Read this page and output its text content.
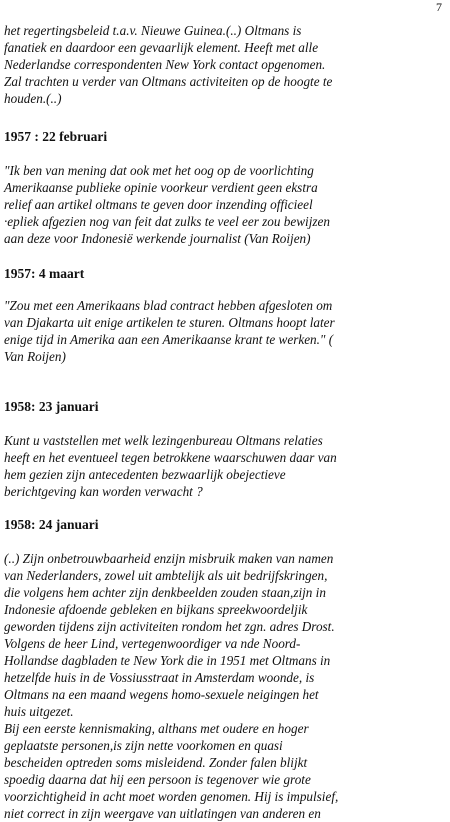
7

het regertingsbeleid t.a.v. Nieuwe Guinea.(..) Oltmans is
fanatiek en daardoor een gevaarlijk element. Heeft met alle
Nederlandse correspondenten New York contact opgenomen.
Zal trachten u verder van Oltmans activiteiten op de hoogte te
houden.(..)

1957 : 22 februari

"Ik ben van mening dat ook met het oog op de voorlichting
Amerikaanse publieke opinie voorkeur verdient geen ekstra
relief aan artikel oltmans te geven door inzending officieel
·epliek afgezien nog van feit dat zulks te veel eer zou bewijzen
aan deze voor Indonesië werkende journalist (Van Roijen)

1957: 4 maart

"Zou met een Amerikaans blad contract hebben afgesloten om
van Djakarta uit enige artikelen te sturen. Oltmans hoopt later
enige tijd in Amerika aan een Amerikaanse krant te werken." (
Van Roijen)

1958: 23 januari

Kunt u vaststellen met welk lezingenbureau Oltmans relaties
heeft en het eventueel tegen betrokkene waarschuwen daar van
hem gezien zijn antecedenten bezwaarlijk obejectieve
berichtgeving kan worden verwacht ?

1958: 24 januari

(..) Zijn onbetrouwbaarheid enzijn misbruik maken van namen
van Nederlanders, zowel uit ambtelijk als uit bedrijfskringen,
die volgens hem achter zijn denkbeelden zouden staan,zijn in
Indonesie afdoende gebleken en bijkans spreekwoordeljik
geworden tijdens zijn activiteiten rondom het zgn. adres Drost.
Volgens de heer Lind, vertegenwoordiger va nde Noord-
Hollandse dagbladen te New York die in 1951 met Oltmans in
hetzelfde huis in de Vossiusstraat in Amsterdam woonde, is
Oltmans na een maand wegens homo-sexuele neigingen het
huis uitgezet.
Bij een eerste kennismaking, althans met oudere en hoger
geplaatste personen,is zijn nette voorkomen en quasi
bescheiden optreden soms misleidend. Zonder falen blijkt
spoedig daarna dat hij een persoon is tegenover wie grote
voorzichtigheid in acht moet worden genomen. Hij is impulsief,
niet correct in zijn weergave van uitlatingen van anderen en
